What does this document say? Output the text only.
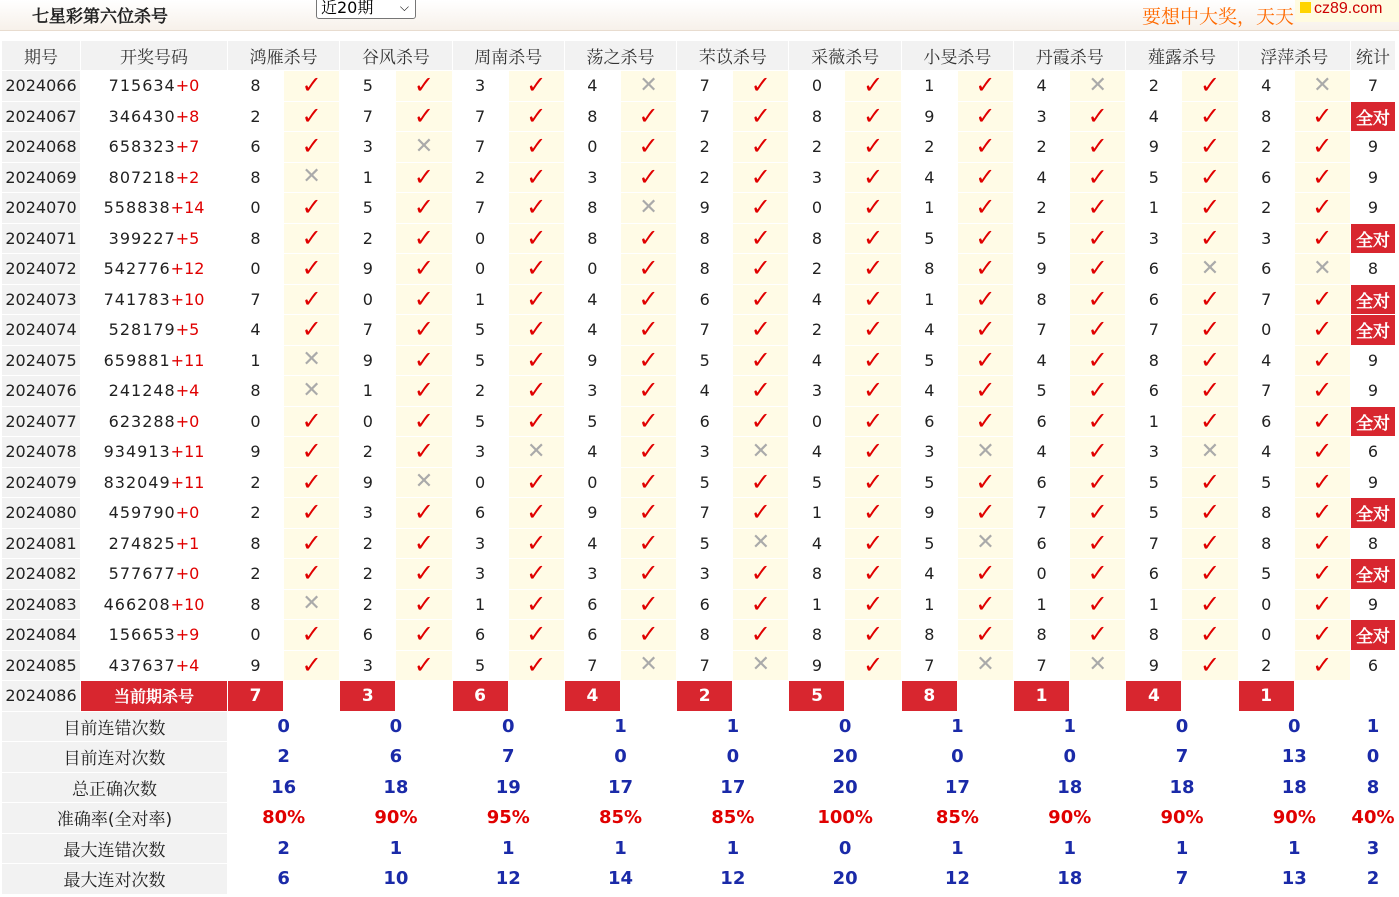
七星彩第六位杀号	近20期 ⌵	要想中大奖，天天	cz89.com
期号	开奖号码	鸿雁杀号		谷风杀号		周南杀号		荡之杀号		芣苡杀号		采薇杀号		小旻杀号		丹霞杀号		薤露杀号		浮萍杀号		统计
2024066	715634+0	8	✓	5	✓	3	✓	4	✕	7	✓	0	✓	1	✓	4	✕	2	✓	4	✕	7
2024067	346430+8	2	✓	7	✓	7	✓	8	✓	7	✓	8	✓	9	✓	3	✓	4	✓	8	✓	全对
2024068	658323+7	6	✓	3	✕	7	✓	0	✓	2	✓	2	✓	2	✓	2	✓	9	✓	2	✓	9
2024069	807218+2	8	✕	1	✓	2	✓	3	✓	2	✓	3	✓	4	✓	4	✓	5	✓	6	✓	9
2024070	558838+14	0	✓	5	✓	7	✓	8	✕	9	✓	0	✓	1	✓	2	✓	1	✓	2	✓	9
2024071	399227+5	8	✓	2	✓	0	✓	8	✓	8	✓	8	✓	5	✓	5	✓	3	✓	3	✓	全对
2024072	542776+12	0	✓	9	✓	0	✓	0	✓	8	✓	2	✓	8	✓	9	✓	6	✕	6	✕	8
2024073	741783+10	7	✓	0	✓	1	✓	4	✓	6	✓	4	✓	1	✓	8	✓	6	✓	7	✓	全对
2024074	528179+5	4	✓	7	✓	5	✓	4	✓	7	✓	2	✓	4	✓	7	✓	7	✓	0	✓	全对
2024075	659881+11	1	✕	9	✓	5	✓	9	✓	5	✓	4	✓	5	✓	4	✓	8	✓	4	✓	9
2024076	241248+4	8	✕	1	✓	2	✓	3	✓	4	✓	3	✓	4	✓	5	✓	6	✓	7	✓	9
2024077	623288+0	0	✓	0	✓	5	✓	5	✓	6	✓	0	✓	6	✓	6	✓	1	✓	6	✓	全对
2024078	934913+11	9	✓	2	✓	3	✕	4	✓	3	✕	4	✓	3	✕	4	✓	3	✕	4	✓	6
2024079	832049+11	2	✓	9	✕	0	✓	0	✓	5	✓	5	✓	5	✓	6	✓	5	✓	5	✓	9
2024080	459790+0	2	✓	3	✓	6	✓	9	✓	7	✓	1	✓	9	✓	7	✓	5	✓	8	✓	全对
2024081	274825+1	8	✓	2	✓	3	✓	4	✓	5	✕	4	✓	5	✕	6	✓	7	✓	8	✓	8
2024082	577677+0	2	✓	2	✓	3	✓	3	✓	3	✓	8	✓	4	✓	0	✓	6	✓	5	✓	全对
2024083	466208+10	8	✕	2	✓	1	✓	6	✓	6	✓	1	✓	1	✓	1	✓	1	✓	0	✓	9
2024084	156653+9	0	✓	6	✓	6	✓	6	✓	8	✓	8	✓	8	✓	8	✓	8	✓	0	✓	全对
2024085	437637+4	9	✓	3	✓	5	✓	7	✕	7	✕	9	✓	7	✕	7	✕	9	✓	2	✓	6
2024086	当前期杀号	7		3		6		4		2		5		8		1		4		1		
目前连错次数		0		0		0		1		1		0		1		1		0		0		1
目前连对次数		2		6		7		0		0		20		0		0		7		13		0
总正确次数		16		18		19		17		17		20		17		18		18		18		8
准确率(全对率)		80%		90%		95%		85%		85%		100%		85%		90%		90%		90%		40%
最大连错次数		2		1		1		1		1		0		1		1		1		1		3
最大连对次数		6		10		12		14		12		20		12		18		7		13		2
